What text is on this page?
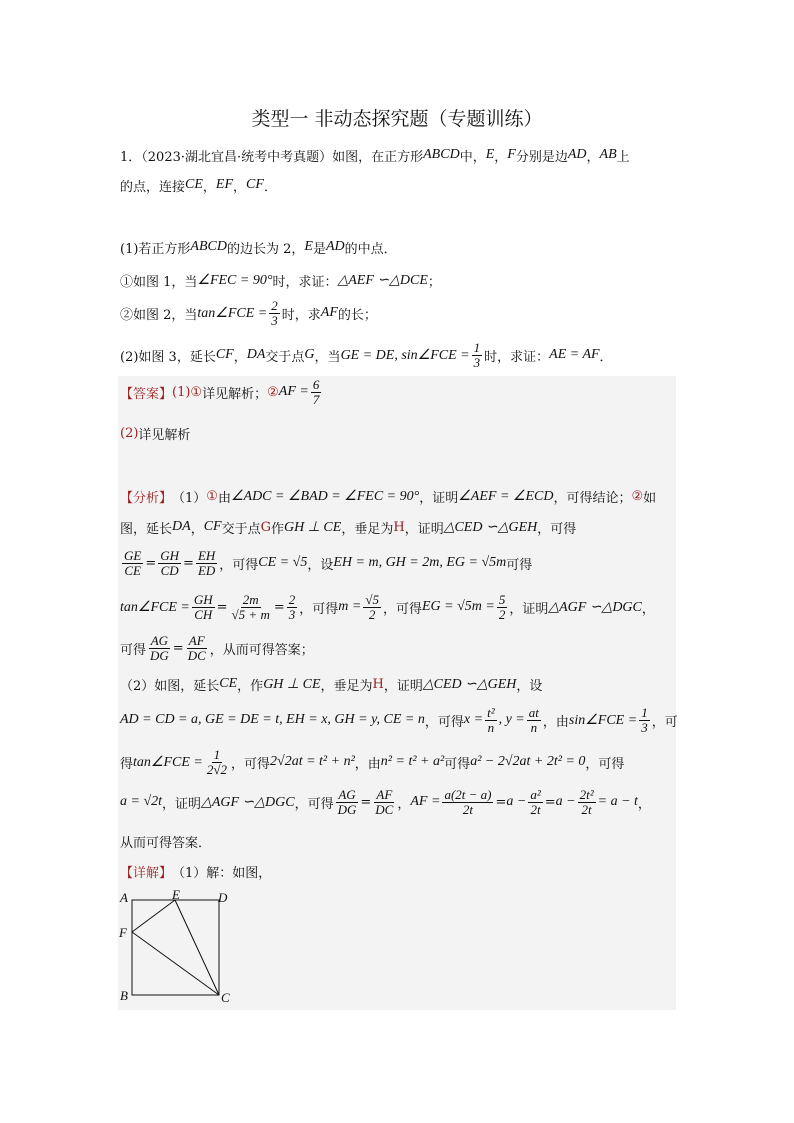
类型一 非动态探究题（专题训练）
1．（2023·湖北宜昌·统考中考真题）如图，在正方形 ABCD 中， E ， F 分别是边 AD ， AB 上
的点，连接 CE ， EF ， CF ．
(1)若正方形 ABCD 的边长为 2， E 是 AD 的中点．
①如图 1，当 ∠FEC = 90° 时，求证： △AEF ∽△DCE ；
②如图 2，当 tan∠FCE = $\frac{2}{3}$ 时，求 AF 的长；
(2)如图 3，延长 CF ， DA 交于点 G ，当 GE = DE, sin∠FCE = $\frac{1}{3}$ 时，求证： AE = AF ．
【答案】 (1)① 详见解析； ② AF = $\frac{6}{7}$
(2) 详见解析
【分析】 （1） ① 由 ∠ADC = ∠BAD = ∠FEC = 90° ，证明 ∠AEF = ∠ECD ，可得结论； ② 如
图，延长 DA ， CF 交于点 G 作 GH ⊥ CE ，垂足为 H ，证明 △CED ∽△GEH ，可得
$\frac{GE}{CE} = \frac{GH}{CD} = \frac{EH}{ED}$ ，可得 CE = √5 ，设 EH = m, GH = 2m, EG = √5m 可得
tan∠FCE = $\frac{GH}{CH} = \frac{2m}{√5 + m} = \frac{2}{3}$ ，可得 $m = \frac{√5}{2}$ ，可得 EG = $√5m = \frac{5}{2}$ ，证明 △AGF ∽△DGC ，
可得 $\frac{AG}{DG} = \frac{AF}{DC}$ ，从而可得答案；
（2）如图，延长 CE ，作 GH ⊥ CE ，垂足为 H ，证明 △CED ∽△GEH ，设
AD = CD = a, GE = DE = t, EH = x, GH = y, CE = n ，可得 $x = \frac{\text{t²}}{n}$ , $y = \frac{at}{n}$ ，由 sin∠FCE = $\frac{1}{3}$ ，可
得 tan∠FCE = $\frac{1}{2√2}$ ，可得 2√2at = t² + n² ，由 n² = t² + a² 可得 a² − 2√2at + 2t² = 0 ，可得
a = √2t ，证明 △AGF ∽△DGC ，可得 $\frac{AG}{DG} = \frac{AF}{DC}$ ， AF = $\frac{a(2t - a)}{2t} = a - \frac{\text{a²}}{2t} = a - \frac{\text{2t²}}{2t} = a - t$ ，
从而可得答案．
【详解】 （1）解：如图，
A	E	D
F
B	C
